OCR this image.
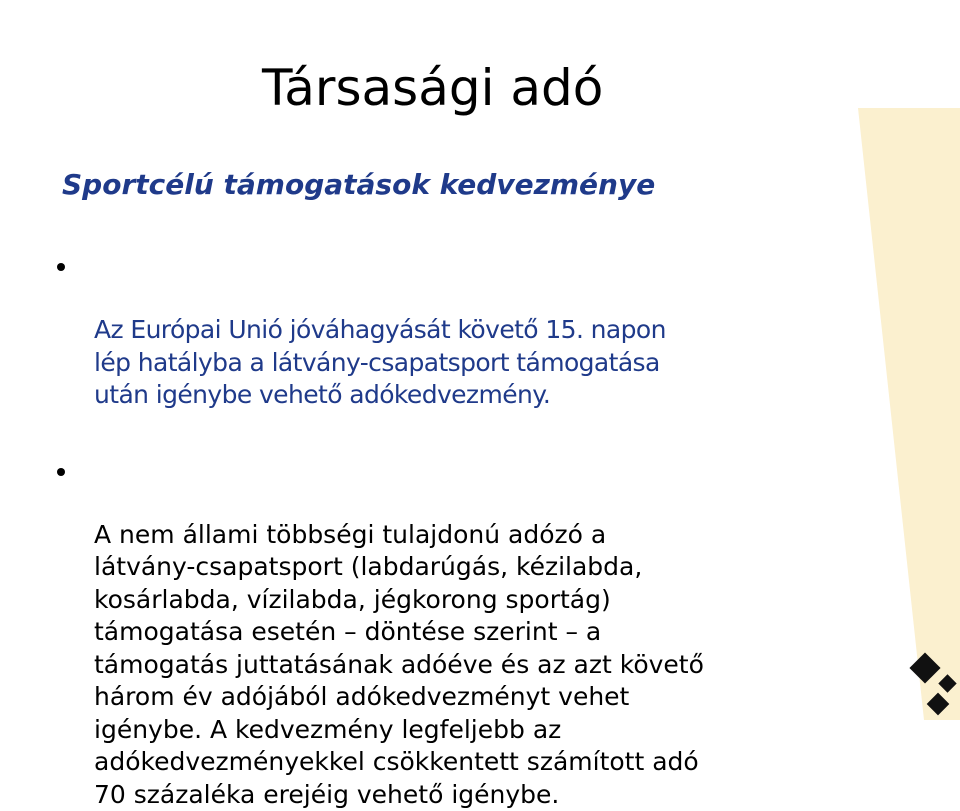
Társasági adó
Sportcélú támogatások kedvezménye

Az Európai Unió jóváhagyását követő 15. napon
lép hatályba a látvány-csapatsport támogatása
után igénybe vehető adókedvezmény.

A nem állami többségi tulajdonú adózó a
látvány-csapatsport (labdarúgás, kézilabda,
kosárlabda, vízilabda, jégkorong sportág)
támogatása esetén – döntése szerint – a
támogatás juttatásának adóéve és az azt követő
három év adójából adókedvezményt vehet
igénybe. A kedvezmény legfeljebb az
adókedvezményekkel csökkentett számított adó
70 százaléka erejéig vehető igénybe.
